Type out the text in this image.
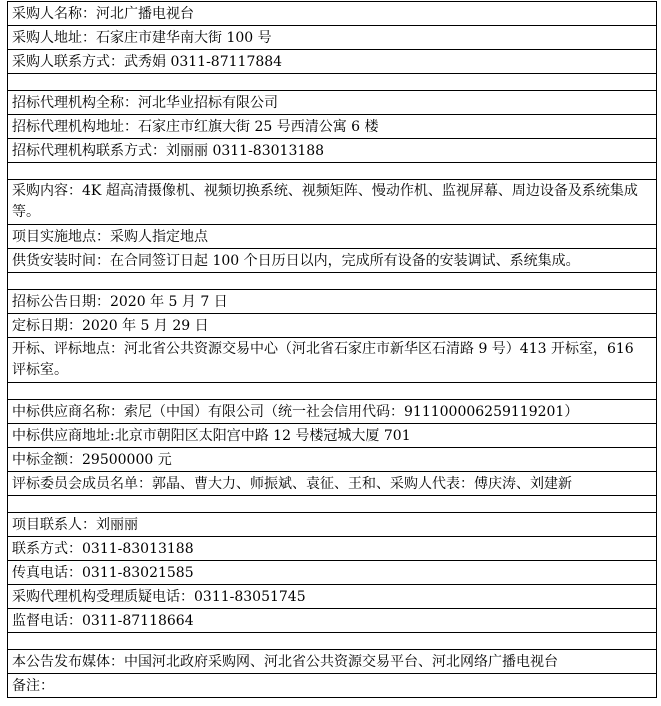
采购人名称：河北广播电视台
采购人地址：石家庄市建华南大街 100 号
采购人联系方式：武秀娟 0311-87117884

招标代理机构全称：河北华业招标有限公司
招标代理机构地址：石家庄市红旗大街 25 号西清公寓 6 楼
招标代理机构联系方式：刘丽丽 0311-83013188

采购内容：4K 超高清摄像机、视频切换系统、视频矩阵、慢动作机、监视屏幕、周边设备及系统集成等。
项目实施地点：采购人指定地点
供货安装时间：在合同签订日起 100 个日历日以内，完成所有设备的安装调试、系统集成。

招标公告日期：2020 年 5 月 7 日
定标日期：2020 年 5 月 29 日
开标、评标地点：河北省公共资源交易中心（河北省石家庄市新华区石清路 9 号）413 开标室，616 评标室。

中标供应商名称：索尼（中国）有限公司（统一社会信用代码：911100006259119201）
中标供应商地址:北京市朝阳区太阳宫中路 12 号楼冠城大厦 701
中标金额：29500000 元
评标委员会成员名单：郭晶、曹大力、师振斌、袁征、王和、采购人代表：傅庆涛、刘建新

项目联系人：刘丽丽
联系方式：0311-83013188
传真电话：0311-83021585
采购代理机构受理质疑电话：0311-83051745
监督电话：0311-87118664

本公告发布媒体：中国河北政府采购网、河北省公共资源交易平台、河北网络广播电视台
备注：
